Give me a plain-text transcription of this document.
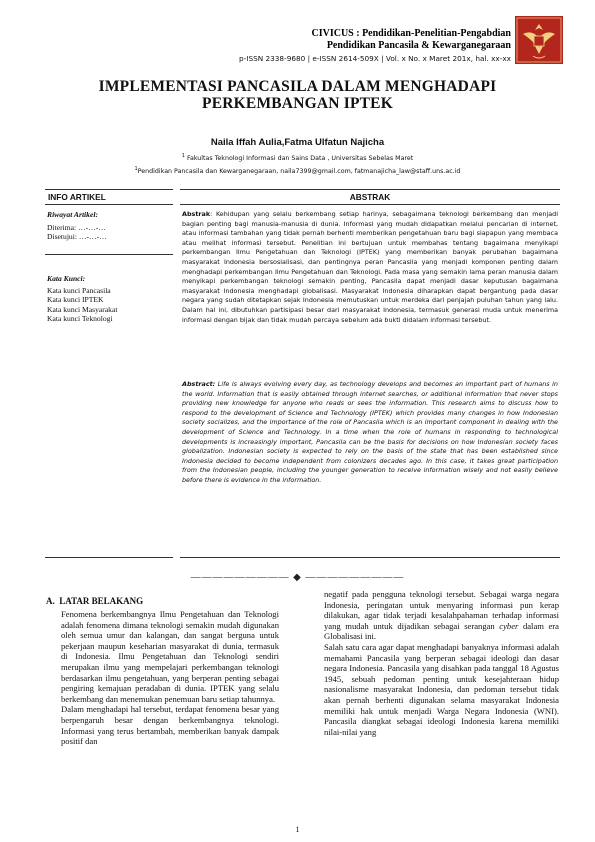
CIVICUS : Pendidikan-Penelitian-Pengabdian
Pendidikan Pancasila & Kewarganegaraan
p-ISSN 2338-9680 | e-ISSN 2614-509X | Vol. x No. x Maret 201x, hal. xx-xx
IMPLEMENTASI PANCASILA DALAM MENGHADAPI
PERKEMBANGAN IPTEK
Naila Iffah Aulia,Fatma Ulfatun Najicha
$^1$ Fakultas Teknologi Informasi dan Sains Data , Universitas Sebelas Maret
$^1$Pendidikan Pancasila dan Kewarganegaraan, naila7399@gmail.com, fatmanajicha_law@staff.uns.ac.id
INFO ARTIKEL
Riwayat Artikel:
Diterima: …-…-…
Disetujui: …-…-…
Kata Kunci:
Kata kunci Pancasila
Kata kunci IPTEK
Kata kunci Masyarakat
Kata kunci Teknologi
ABSTRAK
Abstrak: Kehidupan yang selalu berkembang setiap harinya, sebagaimana teknologi berkembang dan menjadi bagian penting bagi manusia-manusia di dunia. Informasi yang mudah didapatkan melalui pencarian di internet, atau informasi tambahan yang tidak pernah berhenti memberikan pengetahuan baru bagi siapapun yang membaca atau melihat informasi tersebut. Penelitian ini bertujuan untuk membahas tentang bagaimana menyikapi perkembangan Ilmu Pengetahuan dan Teknologi (IPTEK) yang memberikan banyak perubahan bagaimana masyarakat Indonesia bersosialisasi, dan pentingnya peran Pancasila yang menjadi komponen penting dalam menghadapi perkembangan Ilmu Pengetahuan dan Teknologi. Pada masa yang semakin lama peran manusia dalam menyikapi perkembangan teknologi semakin penting, Pancasila dapat menjadi dasar keputusan bagaimana masyarakat Indonesia menghadapi globalisasi. Masyarakat Indonesia diharapkan dapat bergantung pada dasar negara yang sudah ditetapkan sejak Indonesia memutuskan untuk merdeka dari penjajah puluhan tahun yang lalu. Dalam hal ini, dibutuhkan partisipasi besar dari masyarakat Indonesia, termasuk generasi muda untuk menerima informasi dengan bijak dan tidak mudah percaya sebelum ada bukti didalam informasi tersebut.
Abstract: Life is always evolving every day, as technology develops and becomes an important part of humans in the world. Information that is easily obtained through internet searches, or additional information that never stops providing new knowledge for anyone who reads or sees the information. This research aims to discuss how to respond to the development of Science and Technology (IPTEK) which provides many changes in how Indonesian society socializes, and the importance of the role of Pancasila which is an important component in dealing with the development of Science and Technology. In a time when the role of humans in responding to technological developments is increasingly important, Pancasila can be the basis for decisions on how Indonesian society faces globalization. Indonesian society is expected to rely on the basis of the state that has been established since Indonesia decided to become independent from colonizers decades ago. In this case, it takes great participation from the Indonesian people, including the younger generation to receive information wisely and not easily believe before there is evidence in the information.
————————— ◆ —————————
A. LATAR BELAKANG

Fenomena berkembangnya Ilmu Pengetahuan dan Teknologi adalah fenomena dimana teknologi semakin mudah digunakan oleh semua umur dan kalangan, dan sangat berguna untuk pekerjaan maupun keseharian masyarakat di dunia, termasuk di Indonesia. Ilmu Pengetahuan dan Teknologi sendiri merupakan ilmu yang mempelajari perkembangan teknologi berdasarkan ilmu pengetahuan, yang berperan penting sebagai pengiring kemajuan peradaban di dunia. IPTEK yang selalu berkembang dan menemukan penemuan baru setiap tahunnya.

Dalam menghadapi hal tersebut, terdapat fenomena besar yang berpengaruh besar dengan berkembangnya teknologi. Informasi yang terus bertambah, memberikan banyak dampak positif dan

negatif pada pengguna teknologi tersebut. Sebagai warga negara Indonesia, peringatan untuk menyaring informasi pun kerap dilakukan, agar tidak terjadi kesalahpahaman terhadap informasi yang mudah untuk dijadikan sebagai serangan cyber dalam era Globalisasi ini.

Salah satu cara agar dapat menghadapi banyaknya informasi adalah memahami Pancasila yang berperan sebagai ideologi dan dasar negara Indonesia. Pancasila yang disahkan pada tanggal 18 Agustus 1945, sebuah pedoman penting untuk kesejahteraan hidup nasionalisme masyarakat Indonesia, dan pedoman tersebut tidak akan pernah berhenti digunakan selama masyarakat Indonesia memiliki hak untuk menjadi Warga Negara Indonesia (WNI). Pancasila diangkat sebagai ideologi Indonesia karena memiliki nilai-nilai yang

1
